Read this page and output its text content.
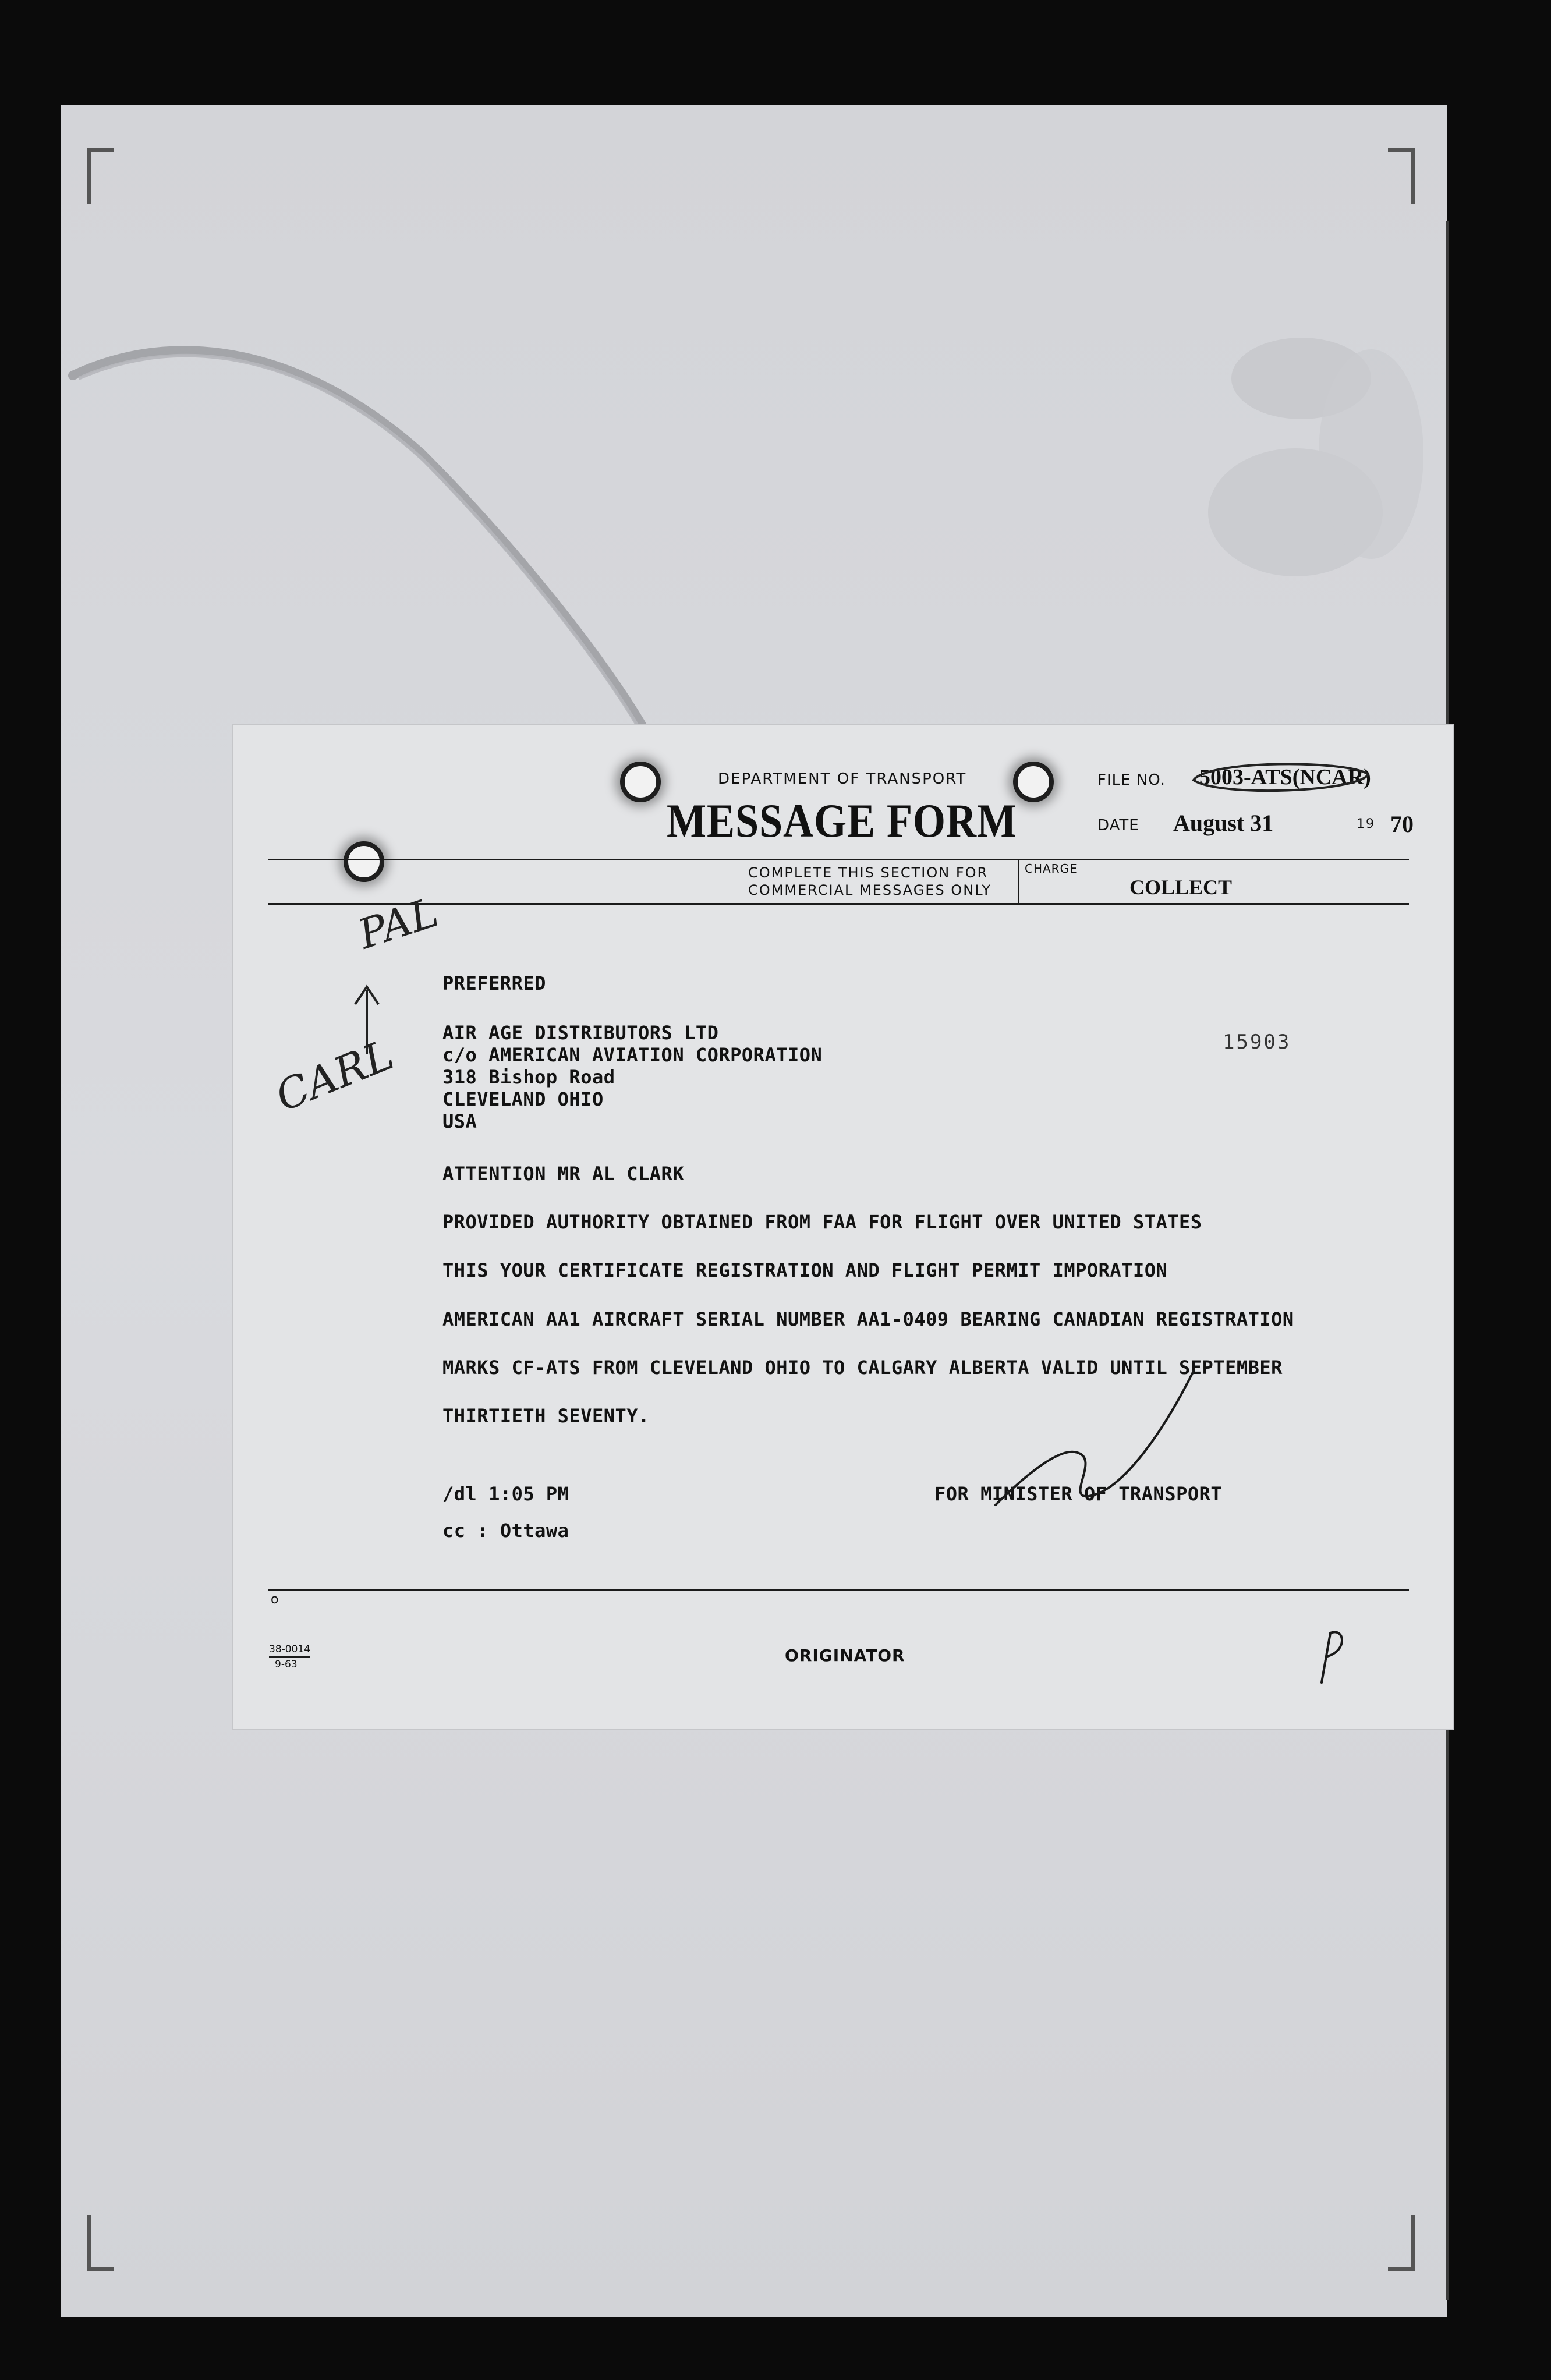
DEPARTMENT OF TRANSPORT
MESSAGE FORM
FILE NO. 5003-ATS(NCAR)
DATE August 31	19 70
COMPLETE THIS SECTION FOR
COMMERCIAL MESSAGES ONLY
CHARGE
COLLECT
PAL
CARL
PREFERRED
AIR AGE DISTRIBUTORS LTD
c/o AMERICAN AVIATION CORPORATION
318 Bishop Road
CLEVELAND OHIO
USA
15903
ATTENTION MR AL CLARK
PROVIDED AUTHORITY OBTAINED FROM FAA FOR FLIGHT OVER UNITED STATES
THIS YOUR CERTIFICATE REGISTRATION AND FLIGHT PERMIT IMPORATION
AMERICAN AA1 AIRCRAFT SERIAL NUMBER AA1-0409 BEARING CANADIAN REGISTRATION
MARKS CF-ATS FROM CLEVELAND OHIO TO CALGARY ALBERTA VALID UNTIL SEPTEMBER
THIRTIETH SEVENTY.
/dl 1:05 PM
cc : Ottawa
FOR MINISTER OF TRANSPORT
o
38-0014
9-63	ORIGINATOR
